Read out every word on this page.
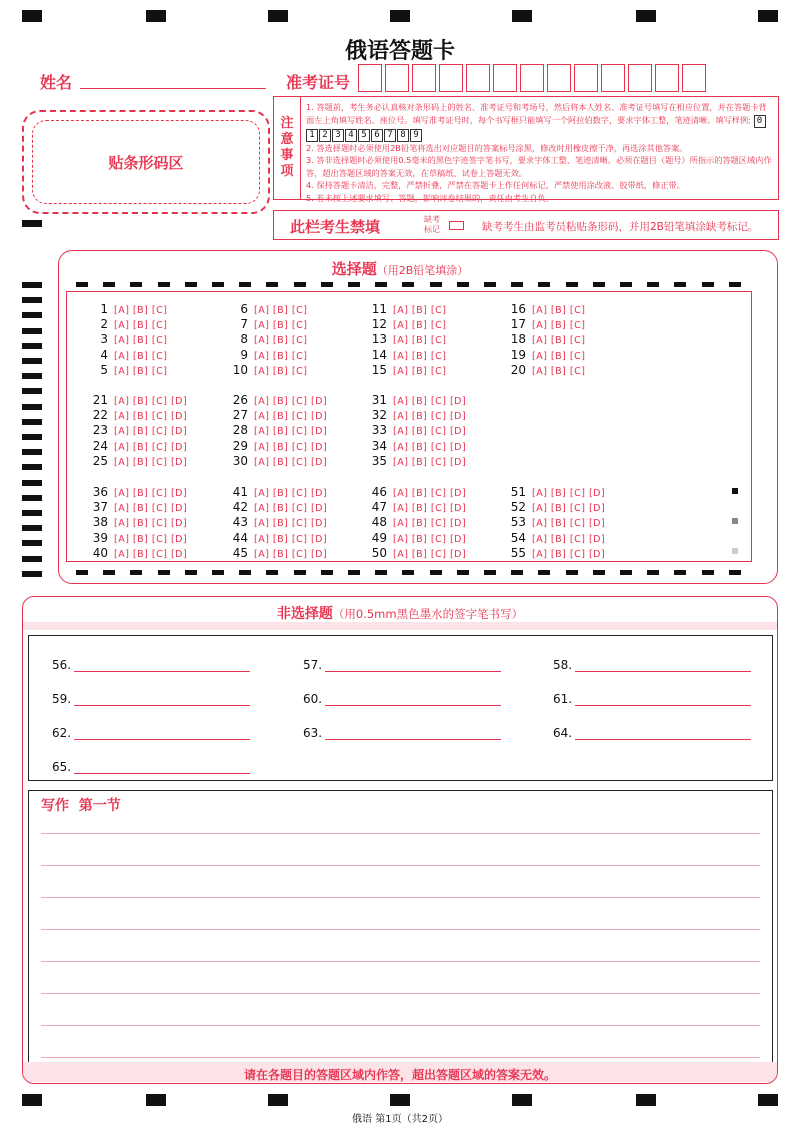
俄语答题卡
姓名	准考证号
贴条形码区
注
意
事
项
1. 答题前，考生务必认真核对条形码上的姓名、准考证号和考场号，然后将本人姓名、准考证号填写在相应位置，并在答题卡背面左上角填写姓名、座位号。填写准考证号时，每个书写框只能填写一个阿拉伯数字，要求字体工整，笔迹清晰。填写样例: 01 2 3 4 5 6 7 8 9
2. 答选择题时必须使用2B铅笔将选出对应题目的答案标号涂黑，修改时用橡皮擦干净，再选涂其他答案。
3. 答非选择题时必须使用0.5毫米的黑色字迹签字笔书写，要求字体工整、笔迹清晰。必须在题目（题号）所指示的答题区域内作答，超出答题区域的答案无效，在草稿纸、试卷上答题无效。
4. 保持答题卡清洁，完整，严禁折叠，严禁在答题卡上作任何标记，严禁使用涂改液、胶带纸，修正带。
5. 若未按上述要求填写、答题，影响评卷结果的，责任由考生自负。
此栏考生禁填	缺考
标记	缺考考生由监考员粘贴条形码，并用2B铅笔填涂缺考标记。
选择题（用2B铅笔填涂）
1 [A] [B] [C]
2 [A] [B] [C]
3 [A] [B] [C]
4 [A] [B] [C]
5 [A] [B] [C]
6 [A] [B] [C]
7 [A] [B] [C]
8 [A] [B] [C]
9 [A] [B] [C]
10 [A] [B] [C]
11 [A] [B] [C]
12 [A] [B] [C]
13 [A] [B] [C]
14 [A] [B] [C]
15 [A] [B] [C]
16 [A] [B] [C]
17 [A] [B] [C]
18 [A] [B] [C]
19 [A] [B] [C]
20 [A] [B] [C]
21 [A] [B] [C] [D]
22 [A] [B] [C] [D]
23 [A] [B] [C] [D]
24 [A] [B] [C] [D]
25 [A] [B] [C] [D]
26 [A] [B] [C] [D]
27 [A] [B] [C] [D]
28 [A] [B] [C] [D]
29 [A] [B] [C] [D]
30 [A] [B] [C] [D]
31 [A] [B] [C] [D]
32 [A] [B] [C] [D]
33 [A] [B] [C] [D]
34 [A] [B] [C] [D]
35 [A] [B] [C] [D]
36 [A] [B] [C] [D]
37 [A] [B] [C] [D]
38 [A] [B] [C] [D]
39 [A] [B] [C] [D]
40 [A] [B] [C] [D]
41 [A] [B] [C] [D]
42 [A] [B] [C] [D]
43 [A] [B] [C] [D]
44 [A] [B] [C] [D]
45 [A] [B] [C] [D]
46 [A] [B] [C] [D]
47 [A] [B] [C] [D]
48 [A] [B] [C] [D]
49 [A] [B] [C] [D]
50 [A] [B] [C] [D]
51 [A] [B] [C] [D]
52 [A] [B] [C] [D]
53 [A] [B] [C] [D]
54 [A] [B] [C] [D]
55 [A] [B] [C] [D]
非选择题（用0.5mm黑色墨水的签字笔书写）
56.	57.	58.
59.	60.	61.
62.	63.	64.
65.
写作  第一节
请在各题目的答题区域内作答，超出答题区域的答案无效。
俄语 第1页（共2页）
